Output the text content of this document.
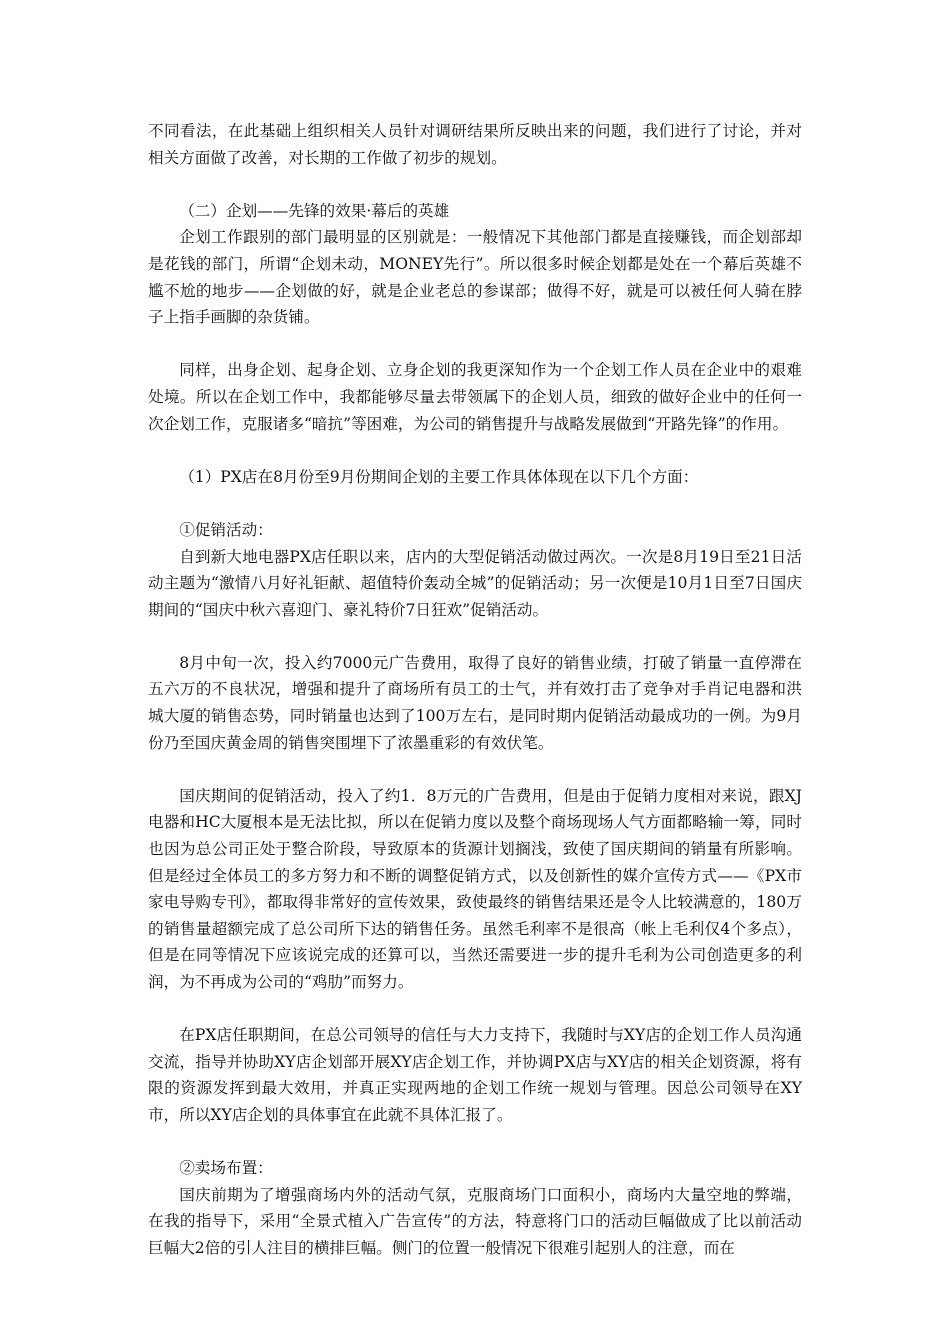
不同看法，在此基础上组织相关人员针对调研结果所反映出来的问题，我们进行了讨论，并对相关方面做了改善，对长期的工作做了初步的规划。

（二）企划——先锋的效果·幕后的英雄

企划工作跟别的部门最明显的区别就是：一般情况下其他部门都是直接赚钱，而企划部却是花钱的部门，所谓“企划未动，MONEY先行”。所以很多时候企划都是处在一个幕后英雄不尴不尬的地步——企划做的好，就是企业老总的参谋部；做得不好，就是可以被任何人骑在脖子上指手画脚的杂货铺。

同样，出身企划、起身企划、立身企划的我更深知作为一个企划工作人员在企业中的艰难处境。所以在企划工作中，我都能够尽量去带领属下的企划人员，细致的做好企业中的任何一次企划工作，克服诸多“暗抗”等困难，为公司的销售提升与战略发展做到“开路先锋”的作用。

（1）PX店在8月份至9月份期间企划的主要工作具体体现在以下几个方面：

①促销活动：

自到新大地电器PX店任职以来，店内的大型促销活动做过两次。一次是8月19日至21日活动主题为“激情八月好礼钜献、超值特价轰动全城”的促销活动；另一次便是10月1日至7日国庆期间的“国庆中秋六喜迎门、豪礼特价7日狂欢”促销活动。

8月中旬一次，投入约7000元广告费用，取得了良好的销售业绩，打破了销量一直停滞在五六万的不良状况，增强和提升了商场所有员工的士气，并有效打击了竞争对手肖记电器和洪城大厦的销售态势，同时销量也达到了100万左右，是同时期内促销活动最成功的一例。为9月份乃至国庆黄金周的销售突围埋下了浓墨重彩的有效伏笔。

国庆期间的促销活动，投入了约1．8万元的广告费用，但是由于促销力度相对来说，跟XJ电器和HC大厦根本是无法比拟，所以在促销力度以及整个商场现场人气方面都略输一筹，同时也因为总公司正处于整合阶段，导致原本的货源计划搁浅，致使了国庆期间的销量有所影响。但是经过全体员工的多方努力和不断的调整促销方式，以及创新性的媒介宣传方式——《PX市家电导购专刊》，都取得非常好的宣传效果，致使最终的销售结果还是令人比较满意的，180万的销售量超额完成了总公司所下达的销售任务。虽然毛利率不是很高（帐上毛利仅4个多点），但是在同等情况下应该说完成的还算可以，当然还需要进一步的提升毛利为公司创造更多的利润，为不再成为公司的“鸡肋”而努力。

在PX店任职期间，在总公司领导的信任与大力支持下，我随时与XY店的企划工作人员沟通交流，指导并协助XY店企划部开展XY店企划工作，并协调PX店与XY店的相关企划资源，将有限的资源发挥到最大效用，并真正实现两地的企划工作统一规划与管理。因总公司领导在XY市，所以XY店企划的具体事宜在此就不具体汇报了。

②卖场布置：

国庆前期为了增强商场内外的活动气氛，克服商场门口面积小，商场内大量空地的弊端，在我的指导下，采用“全景式植入广告宣传”的方法，特意将门口的活动巨幅做成了比以前活动巨幅大2倍的引人注目的横排巨幅。侧门的位置一般情况下很难引起别人的注意，而在
